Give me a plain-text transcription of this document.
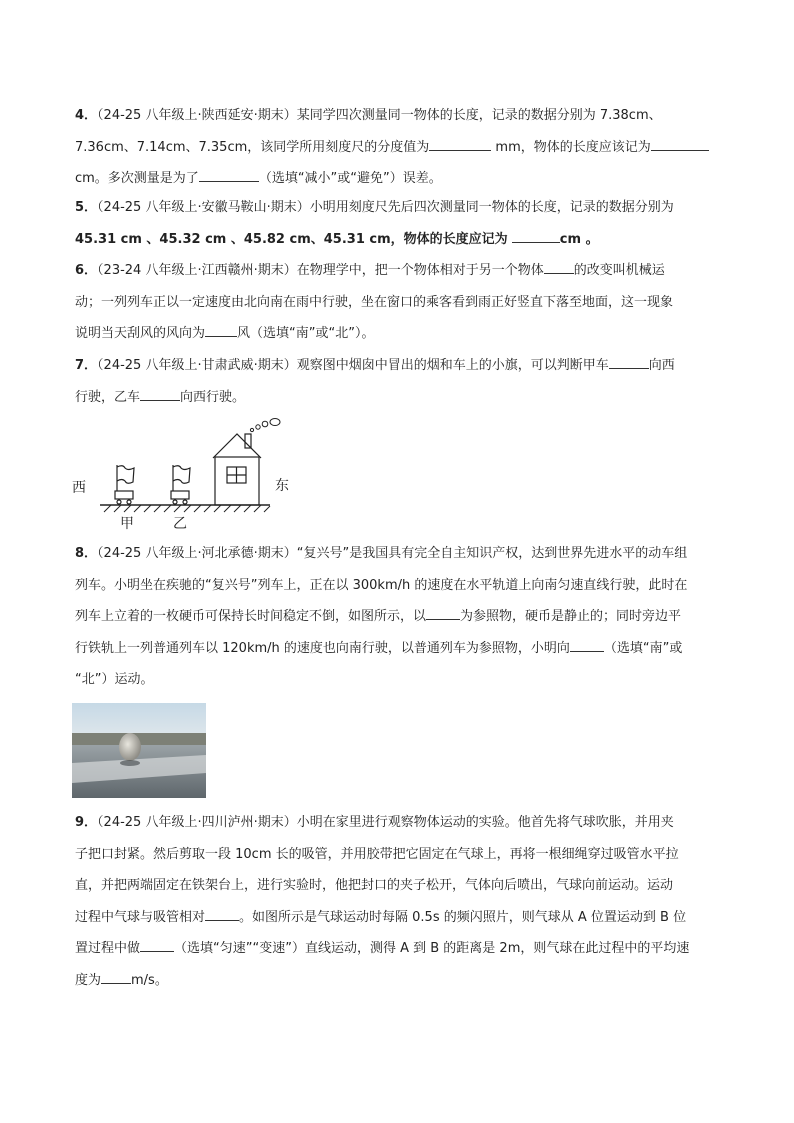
4．（24-25 八年级上·陕西延安·期末）某同学四次测量同一物体的长度，记录的数据分别为 7.38cm、

7.36cm、7.14cm、7.35cm，该同学所用刻度尺的分度值为	mm，物体的长度应该记为

cm。多次测量是为了	（选填“减小”或“避免”）误差。

5．（24-25 八年级上·安徽马鞍山·期末）小明用刻度尺先后四次测量同一物体的长度，记录的数据分别为

45.31 cm 、45.32 cm 、45.82 cm、45.31 cm，物体的长度应记为	cm 。

6．（23-24 八年级上·江西赣州·期末）在物理学中，把一个物体相对于另一个物体 的改变叫机械运

动；一列列车正以一定速度由北向南在雨中行驶，坐在窗口的乘客看到雨正好竖直下落至地面，这一现象

说明当天刮风的风向为 风（选填“南”或“北”）。

7．（24-25 八年级上·甘肃武威·期末）观察图中烟囱中冒出的烟和车上的小旗，可以判断甲车	向西

行驶，乙车	向西行驶。

西	东
甲	乙

8．（24-25 八年级上·河北承德·期末）“复兴号”是我国具有完全自主知识产权，达到世界先进水平的动车组

列车。小明坐在疾驰的“复兴号”列车上，正在以 300km/h 的速度在水平轨道上向南匀速直线行驶，此时在

列车上立着的一枚硬币可保持长时间稳定不倒，如图所示，以	为参照物，硬币是静止的；同时旁边平

行铁轨上一列普通列车以 120km/h 的速度也向南行驶，以普通列车为参照物，小明向	（选填“南”或

“北”）运动。

9．（24-25 八年级上·四川泸州·期末）小明在家里进行观察物体运动的实验。他首先将气球吹胀，并用夹

子把口封紧。然后剪取一段 10cm 长的吸管，并用胶带把它固定在气球上，再将一根细绳穿过吸管水平拉

直，并把两端固定在铁架台上，进行实验时，他把封口的夹子松开，气体向后喷出，气球向前运动。运动

过程中气球与吸管相对	。如图所示是气球运动时每隔 0.5s 的频闪照片，则气球从 A 位置运动到 B 位

置过程中做	（选填“匀速”“变速”）直线运动，测得 A 到 B 的距离是 2m，则气球在此过程中的平均速

度为 m/s。
